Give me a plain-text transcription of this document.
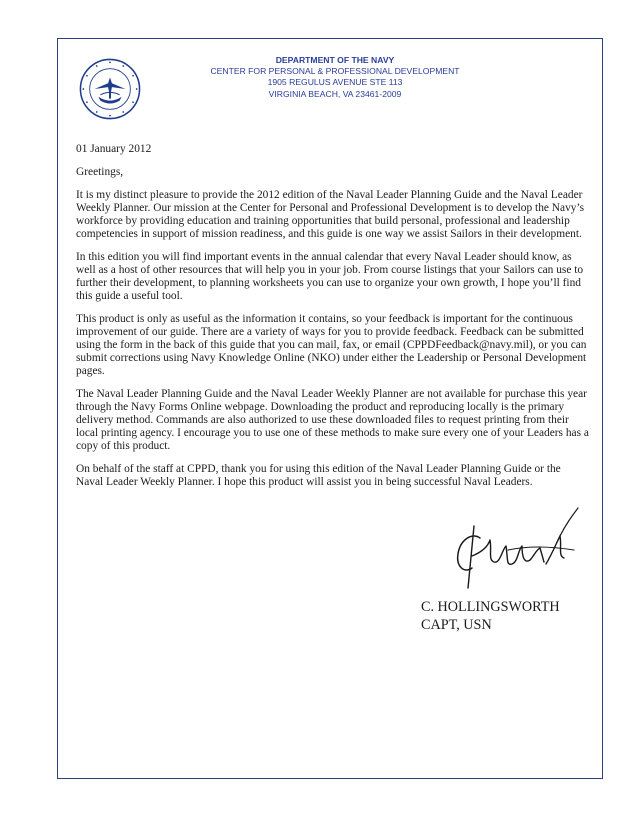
DEPARTMENT OF THE NAVY
CENTER FOR PERSONAL & PROFESSIONAL DEVELOPMENT
1905 REGULUS AVENUE STE 113
VIRGINIA BEACH, VA 23461-2009

01 January 2012

Greetings,

It is my distinct pleasure to provide the 2012 edition of the Naval Leader Planning Guide and the Naval Leader Weekly Planner. Our mission at the Center for Personal and Professional Development is to develop the Navy’s workforce by providing education and training opportunities that build personal, professional and leadership competencies in support of mission readiness, and this guide is one way we assist Sailors in their development.

In this edition you will find important events in the annual calendar that every Naval Leader should know, as well as a host of other resources that will help you in your job. From course listings that your Sailors can use to further their development, to planning worksheets you can use to organize your own growth, I hope you’ll find this guide a useful tool.

This product is only as useful as the information it contains, so your feedback is important for the continuous improvement of our guide. There are a variety of ways for you to provide feedback. Feedback can be submitted using the form in the back of this guide that you can mail, fax, or email (CPPDFeedback@navy.mil), or you can submit corrections using Navy Knowledge Online (NKO) under either the Leadership or Personal Development pages.

The Naval Leader Planning Guide and the Naval Leader Weekly Planner are not available for purchase this year through the Navy Forms Online webpage. Downloading the product and reproducing locally is the primary delivery method. Commands are also authorized to use these downloaded files to request printing from their local printing agency. I encourage you to use one of these methods to make sure every one of your Leaders has a copy of this product.

On behalf of the staff at CPPD, thank you for using this edition of the Naval Leader Planning Guide or the Naval Leader Weekly Planner. I hope this product will assist you in being successful Naval Leaders.

C. HOLLINGSWORTH
CAPT, USN
